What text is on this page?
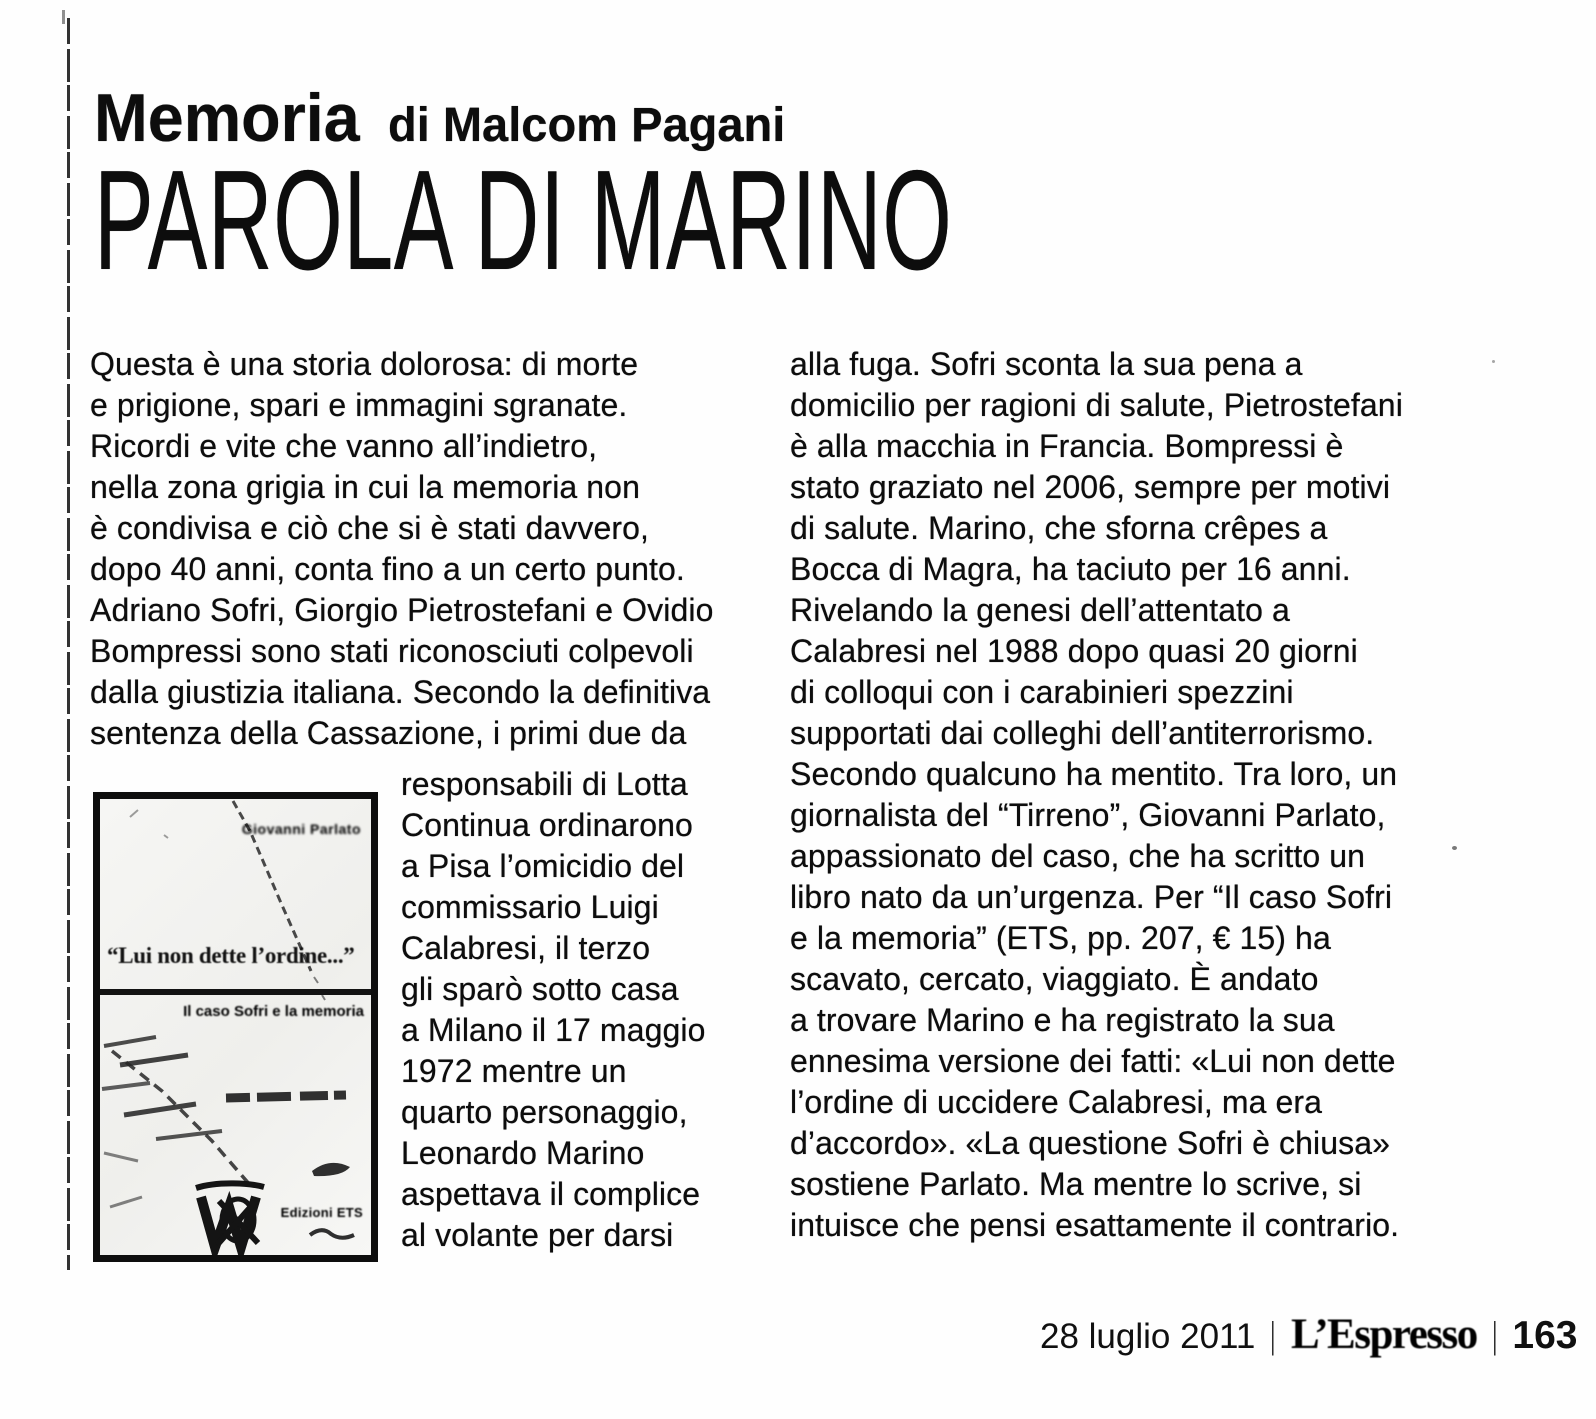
Memoria di Malcom Pagani
PAROLA DI MARINO
Questa è una storia dolorosa: di morte
e prigione, spari e immagini sgranate.
Ricordi e vite che vanno all’indietro,
nella zona grigia in cui la memoria non
è condivisa e ciò che si è stati davvero,
dopo 40 anni, conta fino a un certo punto.
Adriano Sofri, Giorgio Pietrostefani e Ovidio
Bompressi sono stati riconosciuti colpevoli
dalla giustizia italiana. Secondo la definitiva
sentenza della Cassazione, i primi due da
responsabili di Lotta
Continua ordinarono
a Pisa l’omicidio del
commissario Luigi
Calabresi, il terzo
gli sparò sotto casa
a Milano il 17 maggio
1972 mentre un
quarto personaggio,
Leonardo Marino
aspettava il complice
al volante per darsi
alla fuga. Sofri sconta la sua pena a
domicilio per ragioni di salute, Pietrostefani
è alla macchia in Francia. Bompressi è
stato graziato nel 2006, sempre per motivi
di salute. Marino, che sforna crêpes a
Bocca di Magra, ha taciuto per 16 anni.
Rivelando la genesi dell’attentato a
Calabresi nel 1988 dopo quasi 20 giorni
di colloqui con i carabinieri spezzini
supportati dai colleghi dell’antiterrorismo.
Secondo qualcuno ha mentito. Tra loro, un
giornalista del “Tirreno”, Giovanni Parlato,
appassionato del caso, che ha scritto un
libro nato da un’urgenza. Per “Il caso Sofri
e la memoria” (ETS, pp. 207, € 15) ha
scavato, cercato, viaggiato. È andato
a trovare Marino e ha registrato la sua
ennesima versione dei fatti: «Lui non dette
l’ordine di uccidere Calabresi, ma era
d’accordo». «La questione Sofri è chiusa»
sostiene Parlato. Ma mentre lo scrive, si
intuisce che pensi esattamente il contrario.
Giovanni Parlato
“Lui non dette l’ordine...”
Il caso Sofri e la memoria
Edizioni ETS
28 luglio 2011 | L’Espresso | 163
